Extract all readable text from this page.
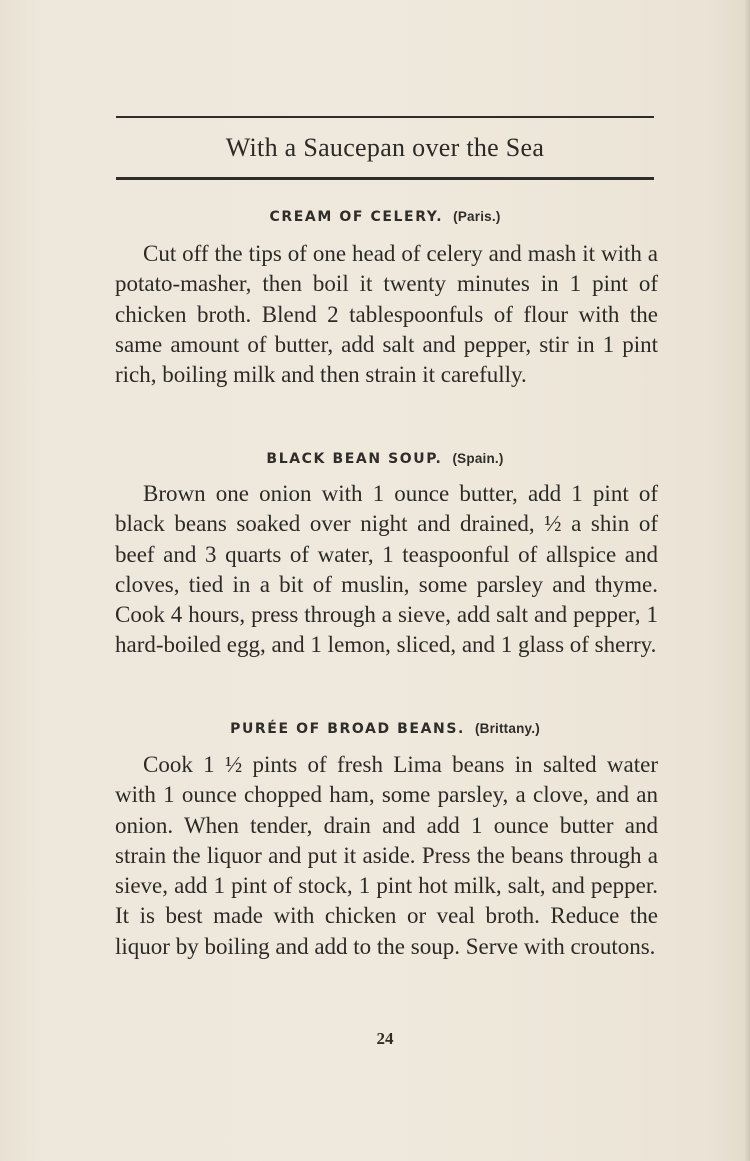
With a Saucepan over the Sea
CREAM OF CELERY. (Paris.)

Cut off the tips of one head of celery and mash it with a potato-masher, then boil it twenty minutes in 1 pint of chicken broth. Blend 2 tablespoonfuls of flour with the same amount of butter, add salt and pepper, stir in 1 pint rich, boiling milk and then strain it carefully.

BLACK BEAN SOUP. (Spain.)

Brown one onion with 1 ounce butter, add 1 pint of black beans soaked over night and drained, ½ a shin of beef and 3 quarts of water, 1 teaspoonful of allspice and cloves, tied in a bit of muslin, some parsley and thyme. Cook 4 hours, press through a sieve, add salt and pepper, 1 hard-boiled egg, and 1 lemon, sliced, and 1 glass of sherry.

PURÉE OF BROAD BEANS. (Brittany.)

Cook 1 ½ pints of fresh Lima beans in salted water with 1 ounce chopped ham, some parsley, a clove, and an onion. When tender, drain and add 1 ounce butter and strain the liquor and put it aside. Press the beans through a sieve, add 1 pint of stock, 1 pint hot milk, salt, and pepper. It is best made with chicken or veal broth. Reduce the liquor by boiling and add to the soup. Serve with croutons.

24
